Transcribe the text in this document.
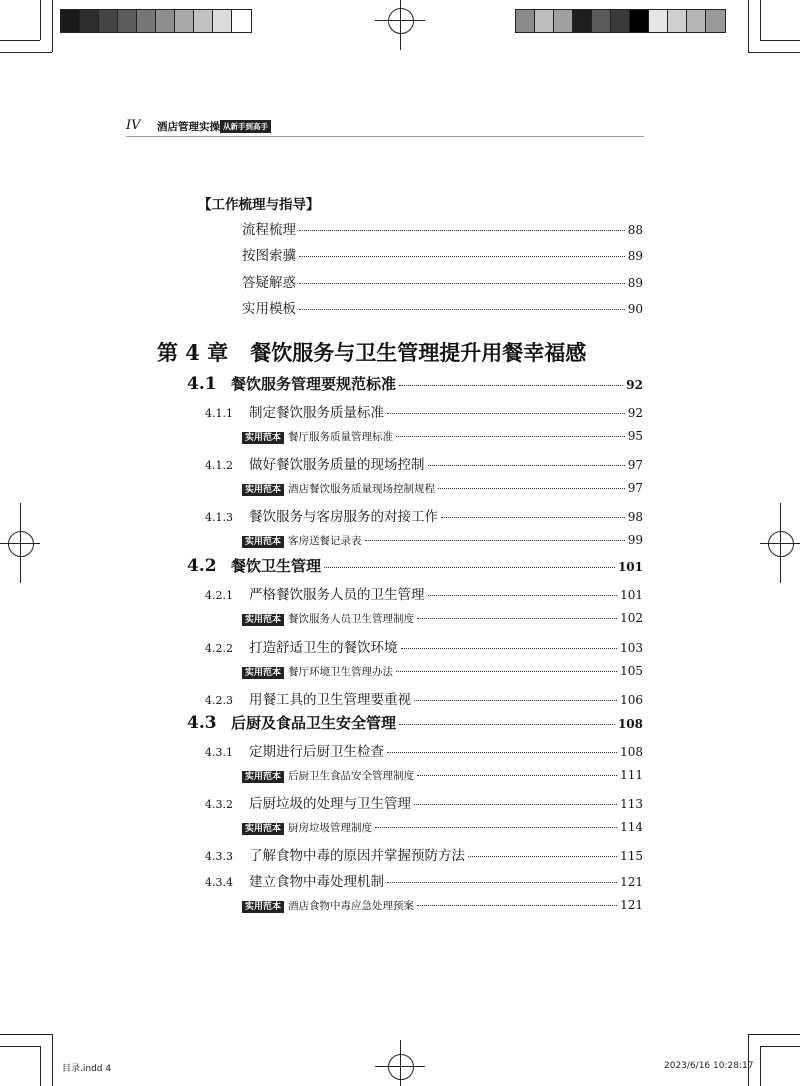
IV 酒店管理实操 从新手到高手
【工作梳理与指导】
流程梳理	88
按图索骥	89
答疑解惑	89
实用模板	90
第 4 章 餐饮服务与卫生管理提升用餐幸福感
4.1 餐饮服务管理要规范标准	92
4.1.1 制定餐饮服务质量标准	92
实用范本 餐厅服务质量管理标准	95
4.1.2 做好餐饮服务质量的现场控制	97
实用范本 酒店餐饮服务质量现场控制规程	97
4.1.3 餐饮服务与客房服务的对接工作	98
实用范本 客房送餐记录表	99
4.2 餐饮卫生管理	101
4.2.1 严格餐饮服务人员的卫生管理	101
实用范本 餐饮服务人员卫生管理制度	102
4.2.2 打造舒适卫生的餐饮环境	103
实用范本 餐厅环境卫生管理办法	105
4.2.3 用餐工具的卫生管理要重视	106
4.3 后厨及食品卫生安全管理	108
4.3.1 定期进行后厨卫生检查	108
实用范本 后厨卫生食品安全管理制度	111
4.3.2 后厨垃圾的处理与卫生管理	113
实用范本 厨房垃圾管理制度	114
4.3.3 了解食物中毒的原因并掌握预防方法	115
4.3.4 建立食物中毒处理机制	121
实用范本 酒店食物中毒应急处理预案	121
目录.indd 4	2023/6/16 10:28:17
